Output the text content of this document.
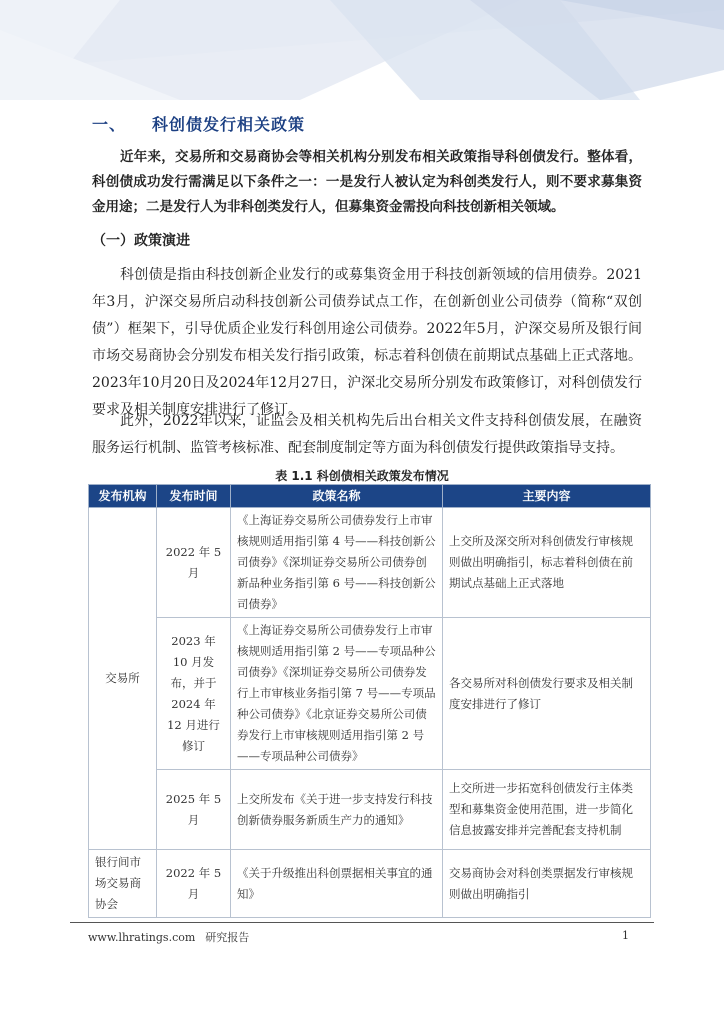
一、 科创债发行相关政策

近年来，交易所和交易商协会等相关机构分别发布相关政策指导科创债发行。整体看，科创债成功发行需满足以下条件之一：一是发行人被认定为科创类发行人，则不要求募集资金用途；二是发行人为非科创类发行人，但募集资金需投向科技创新相关领域。

（一）政策演进

科创债是指由科技创新企业发行的或募集资金用于科技创新领域的信用债券。2021年3月，沪深交易所启动科技创新公司债券试点工作，在创新创业公司债券（简称“双创债”）框架下，引导优质企业发行科创用途公司债券。2022年5月，沪深交易所及银行间市场交易商协会分别发布相关发行指引政策，标志着科创债在前期试点基础上正式落地。2023年10月20日及2024年12月27日，沪深北交易所分别发布政策修订，对科创债发行要求及相关制度安排进行了修订。

此外，2022年以来，证监会及相关机构先后出台相关文件支持科创债发展，在融资服务运行机制、监管考核标准、配套制度制定等方面为科创债发行提供政策指导支持。

表 1.1 科创债相关政策发布情况

发布机构	发布时间	政策名称	主要内容
交易所	2022 年 5 月	《上海证券交易所公司债券发行上市审核规则适用指引第 4 号——科技创新公司债券》《深圳证券交易所公司债券创新品种业务指引第 6 号——科技创新公司债券》	上交所及深交所对科创债发行审核规则做出明确指引，标志着科创债在前期试点基础上正式落地
	2023 年 10 月发布，并于 2024 年 12 月进行修订	《上海证券交易所公司债券发行上市审核规则适用指引第 2 号——专项品种公司债券》《深圳证券交易所公司债券发行上市审核业务指引第 7 号——专项品种公司债券》《北京证券交易所公司债券发行上市审核规则适用指引第 2 号——专项品种公司债券》	各交易所对科创债发行要求及相关制度安排进行了修订
	2025 年 5 月	上交所发布《关于进一步支持发行科技创新债券服务新质生产力的通知》	上交所进一步拓宽科创债发行主体类型和募集资金使用范围，进一步简化信息披露安排并完善配套支持机制
银行间市场交易商协会	2022 年 5 月	《关于升级推出科创票据相关事宜的通知》	交易商协会对科创类票据发行审核规则做出明确指引
www.lhratings.com 研究报告	1
